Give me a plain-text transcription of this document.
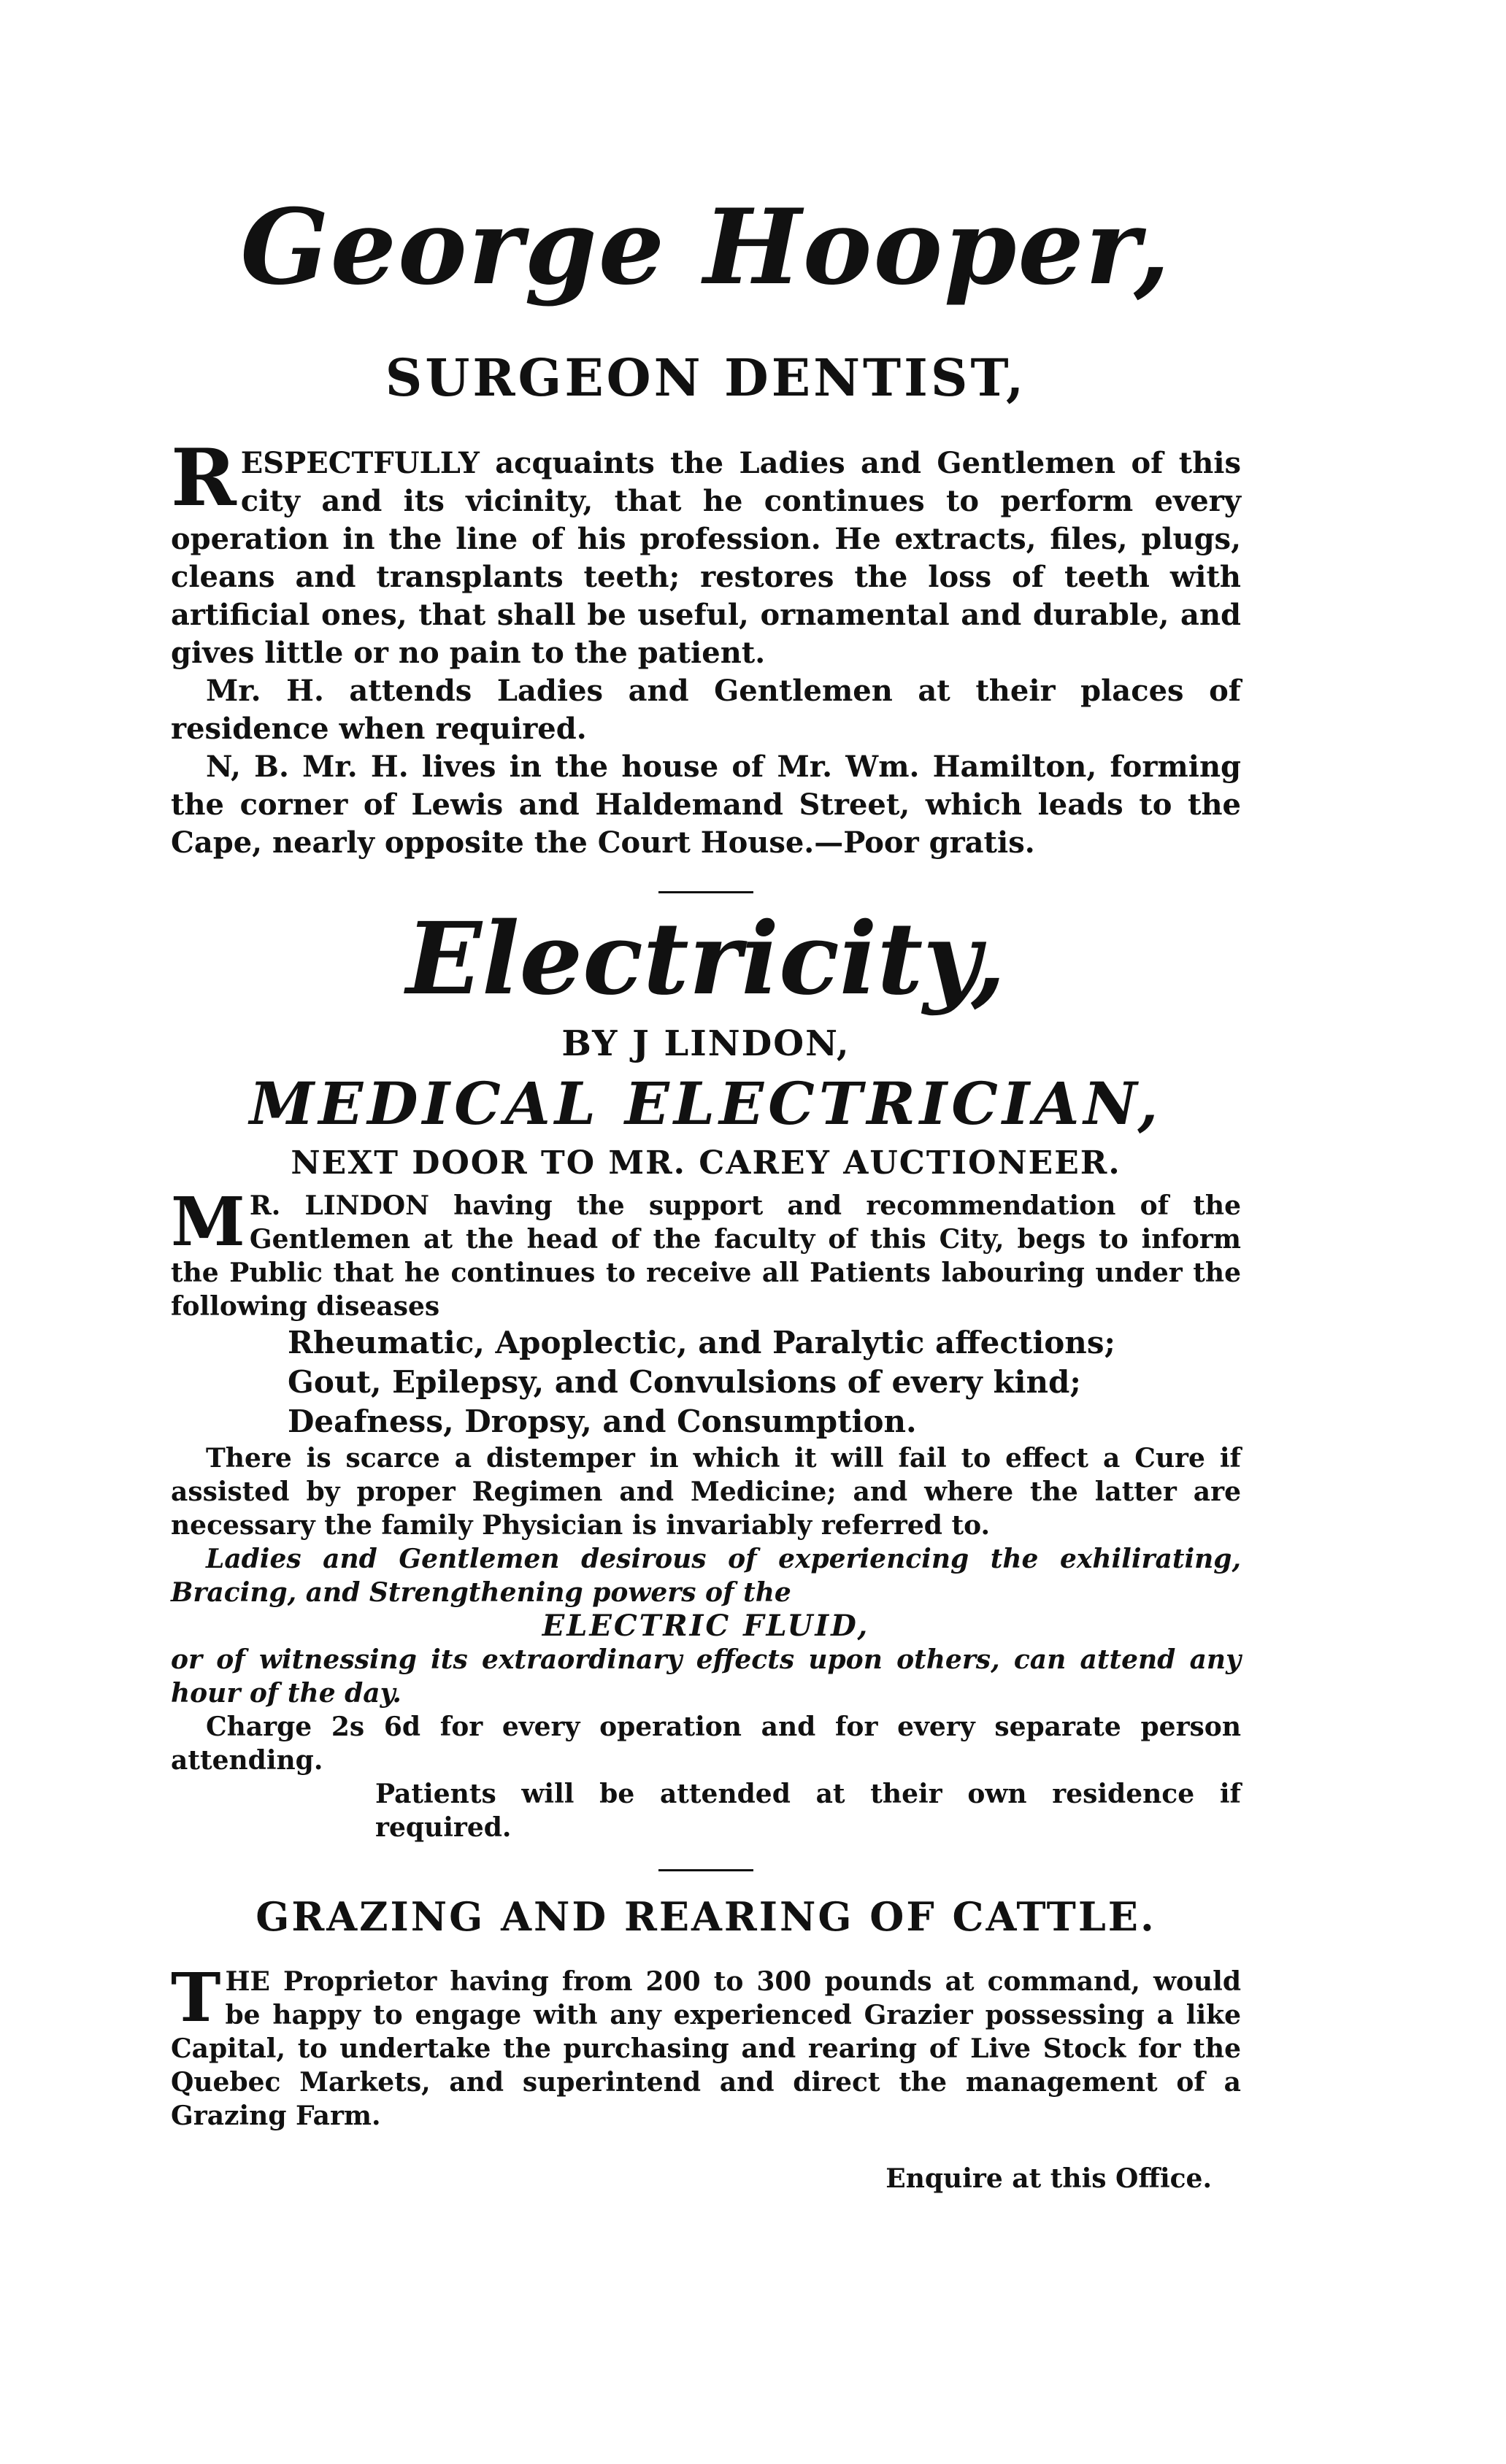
George Hooper,
SURGEON DENTIST,

RESPECTFULLY acquaints the Ladies and Gentlemen of this city and its vicinity, that he continues to perform every operation in the line of his profession. He extracts, files, plugs, cleans and transplants teeth; restores the loss of teeth with artificial ones, that shall be useful, ornamental and durable, and gives little or no pain to the patient.

Mr. H. attends Ladies and Gentlemen at their places of residence when required.

N, B. Mr. H. lives in the house of Mr. Wm. Hamilton, forming the corner of Lewis and Haldemand Street, which leads to the Cape, nearly opposite the Court House.—Poor gratis.

Electricity,
BY J LINDON,
MEDICAL ELECTRICIAN,
NEXT DOOR TO MR. CAREY AUCTIONEER.

M R. LINDON having the support and recommendation of the Gentlemen at the head of the faculty of this City, begs to inform the Public that he continues to receive all Patients labouring under the following diseases

Rheumatic, Apoplectic, and Paralytic affections;

Gout, Epilepsy, and Convulsions of every kind;

Deafness, Dropsy, and Consumption.

There is scarce a distemper in which it will fail to effect a Cure if assisted by proper Regimen and Medicine; and where the latter are necessary the family Physician is invariably referred to.

Ladies and Gentlemen desirous of experiencing the exhilirating, Bracing, and Strengthening powers of the

ELECTRIC FLUID,

or of witnessing its extraordinary effects upon others, can attend any hour of the day.

Charge 2s 6d for every operation and for every separate person attending.

Patients will be attended at their own residence if required.

GRAZING AND REARING OF CATTLE.

THE Proprietor having from 200 to 300 pounds at command, would be happy to engage with any experienced Grazier possessing a like Capital, to undertake the purchasing and rearing of Live Stock for the Quebec Markets, and superintend and direct the management of a Grazing Farm.

Enquire at this Office.
